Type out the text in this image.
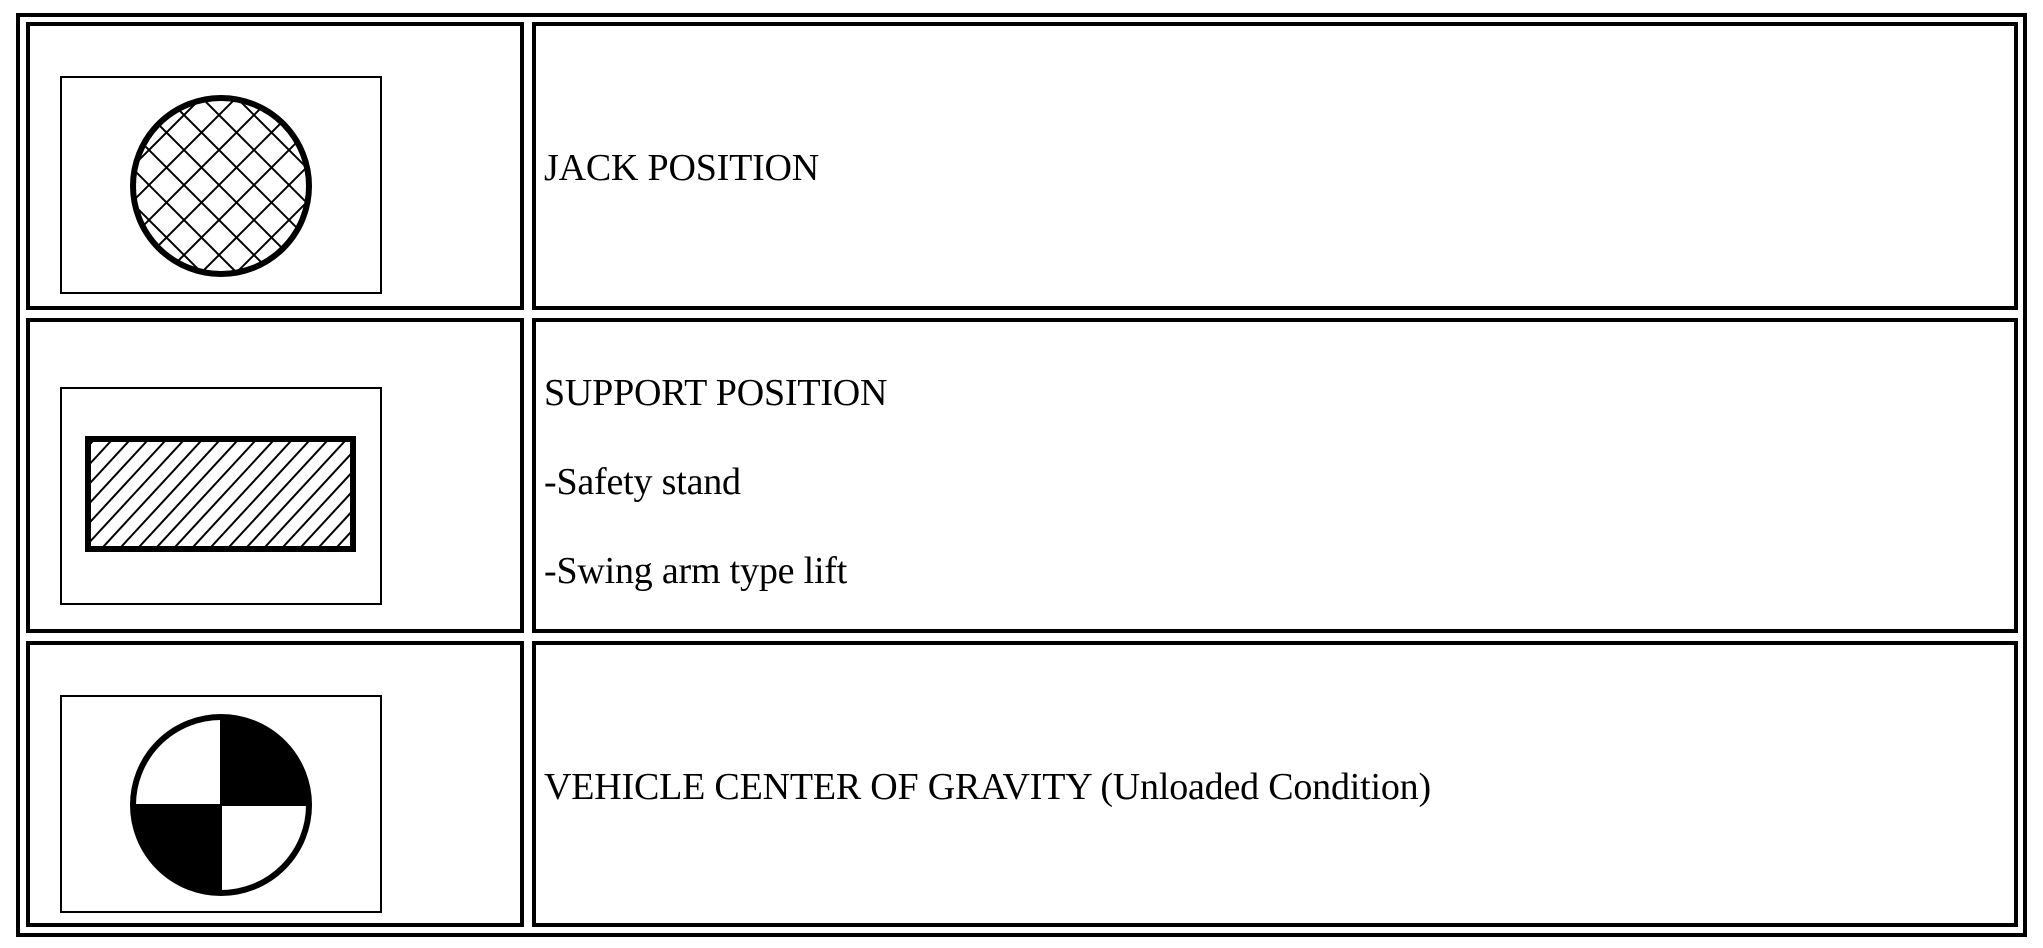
JACK POSITION
SUPPORT POSITION
-Safety stand
-Swing arm type lift
VEHICLE CENTER OF GRAVITY (Unloaded Condition)
